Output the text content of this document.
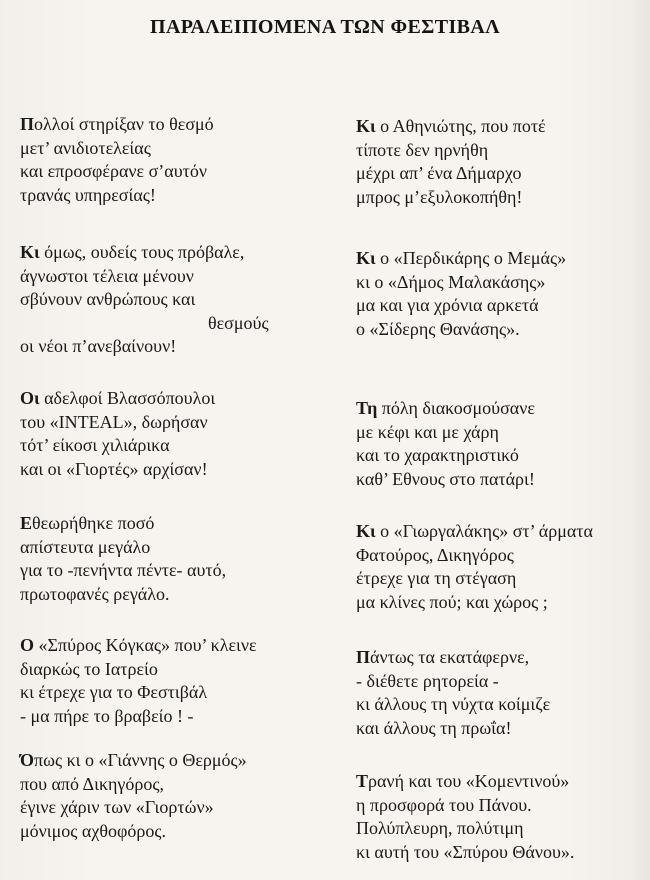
ΠΑΡΑΛΕΙΠΟΜΕΝΑ ΤΩΝ ΦΕΣΤΙΒΑΛ
Πολλοί στηρίξαν το θεσμό
μετ’ ανιδιοτελείας
και επροσφέρανε σ’αυτόν
τρανάς υπηρεσίας!
Κι όμως, ουδείς τους πρόβαλε,
άγνωστοι τέλεια μένουν
σβύνουν ανθρώπους και
θεσμούς
οι νέοι π’ανεβαίνουν!
Οι αδελφοί Βλασσόπουλοι
του «INTEAL», δωρήσαν
τότ’ είκοσι χιλιάρικα
και οι «Γιορτές» αρχίσαν!
Εθεωρήθηκε ποσό
απίστευτα μεγάλο
για το -πενήντα πέντε- αυτό,
πρωτοφανές ρεγάλο.
Ο «Σπύρος Κόγκας» που’ κλεινε
διαρκώς το Ιατρείο
κι έτρεχε για το Φεστιβάλ
- μα πήρε το βραβείο ! -
Όπως κι ο «Γιάννης ο Θερμός»
που από Δικηγόρος,
έγινε χάριν των «Γιορτών»
μόνιμος αχθοφόρος.
Κι ο Αθηνιώτης, που ποτέ
τίποτε δεν ηρνήθη
μέχρι απ’ ένα Δήμαρχο
μπρος μ’εξυλοκοπήθη!
Κι ο «Περδικάρης ο Μεμάς»
κι ο «Δήμος Μαλακάσης»
μα και για χρόνια αρκετά
ο «Σίδερης Θανάσης».
Τη πόλη διακοσμούσανε
με κέφι και με χάρη
και το χαρακτηριστικό
καθ’ Εθνους στο πατάρι!
Κι ο «Γιωργαλάκης» στ’ άρματα
Φατούρος, Δικηγόρος
έτρεχε για τη στέγαση
μα κλίνες πού; και χώρος ;
Πάντως τα εκατάφερνε,
- διέθετε ρητορεία -
κι άλλους τη νύχτα κοίμιζε
και άλλους τη πρωΐα!
Τρανή και του «Κομεντινού»
η προσφορά του Πάνου.
Πολύπλευρη, πολύτιμη
κι αυτή του «Σπύρου Θάνου».
